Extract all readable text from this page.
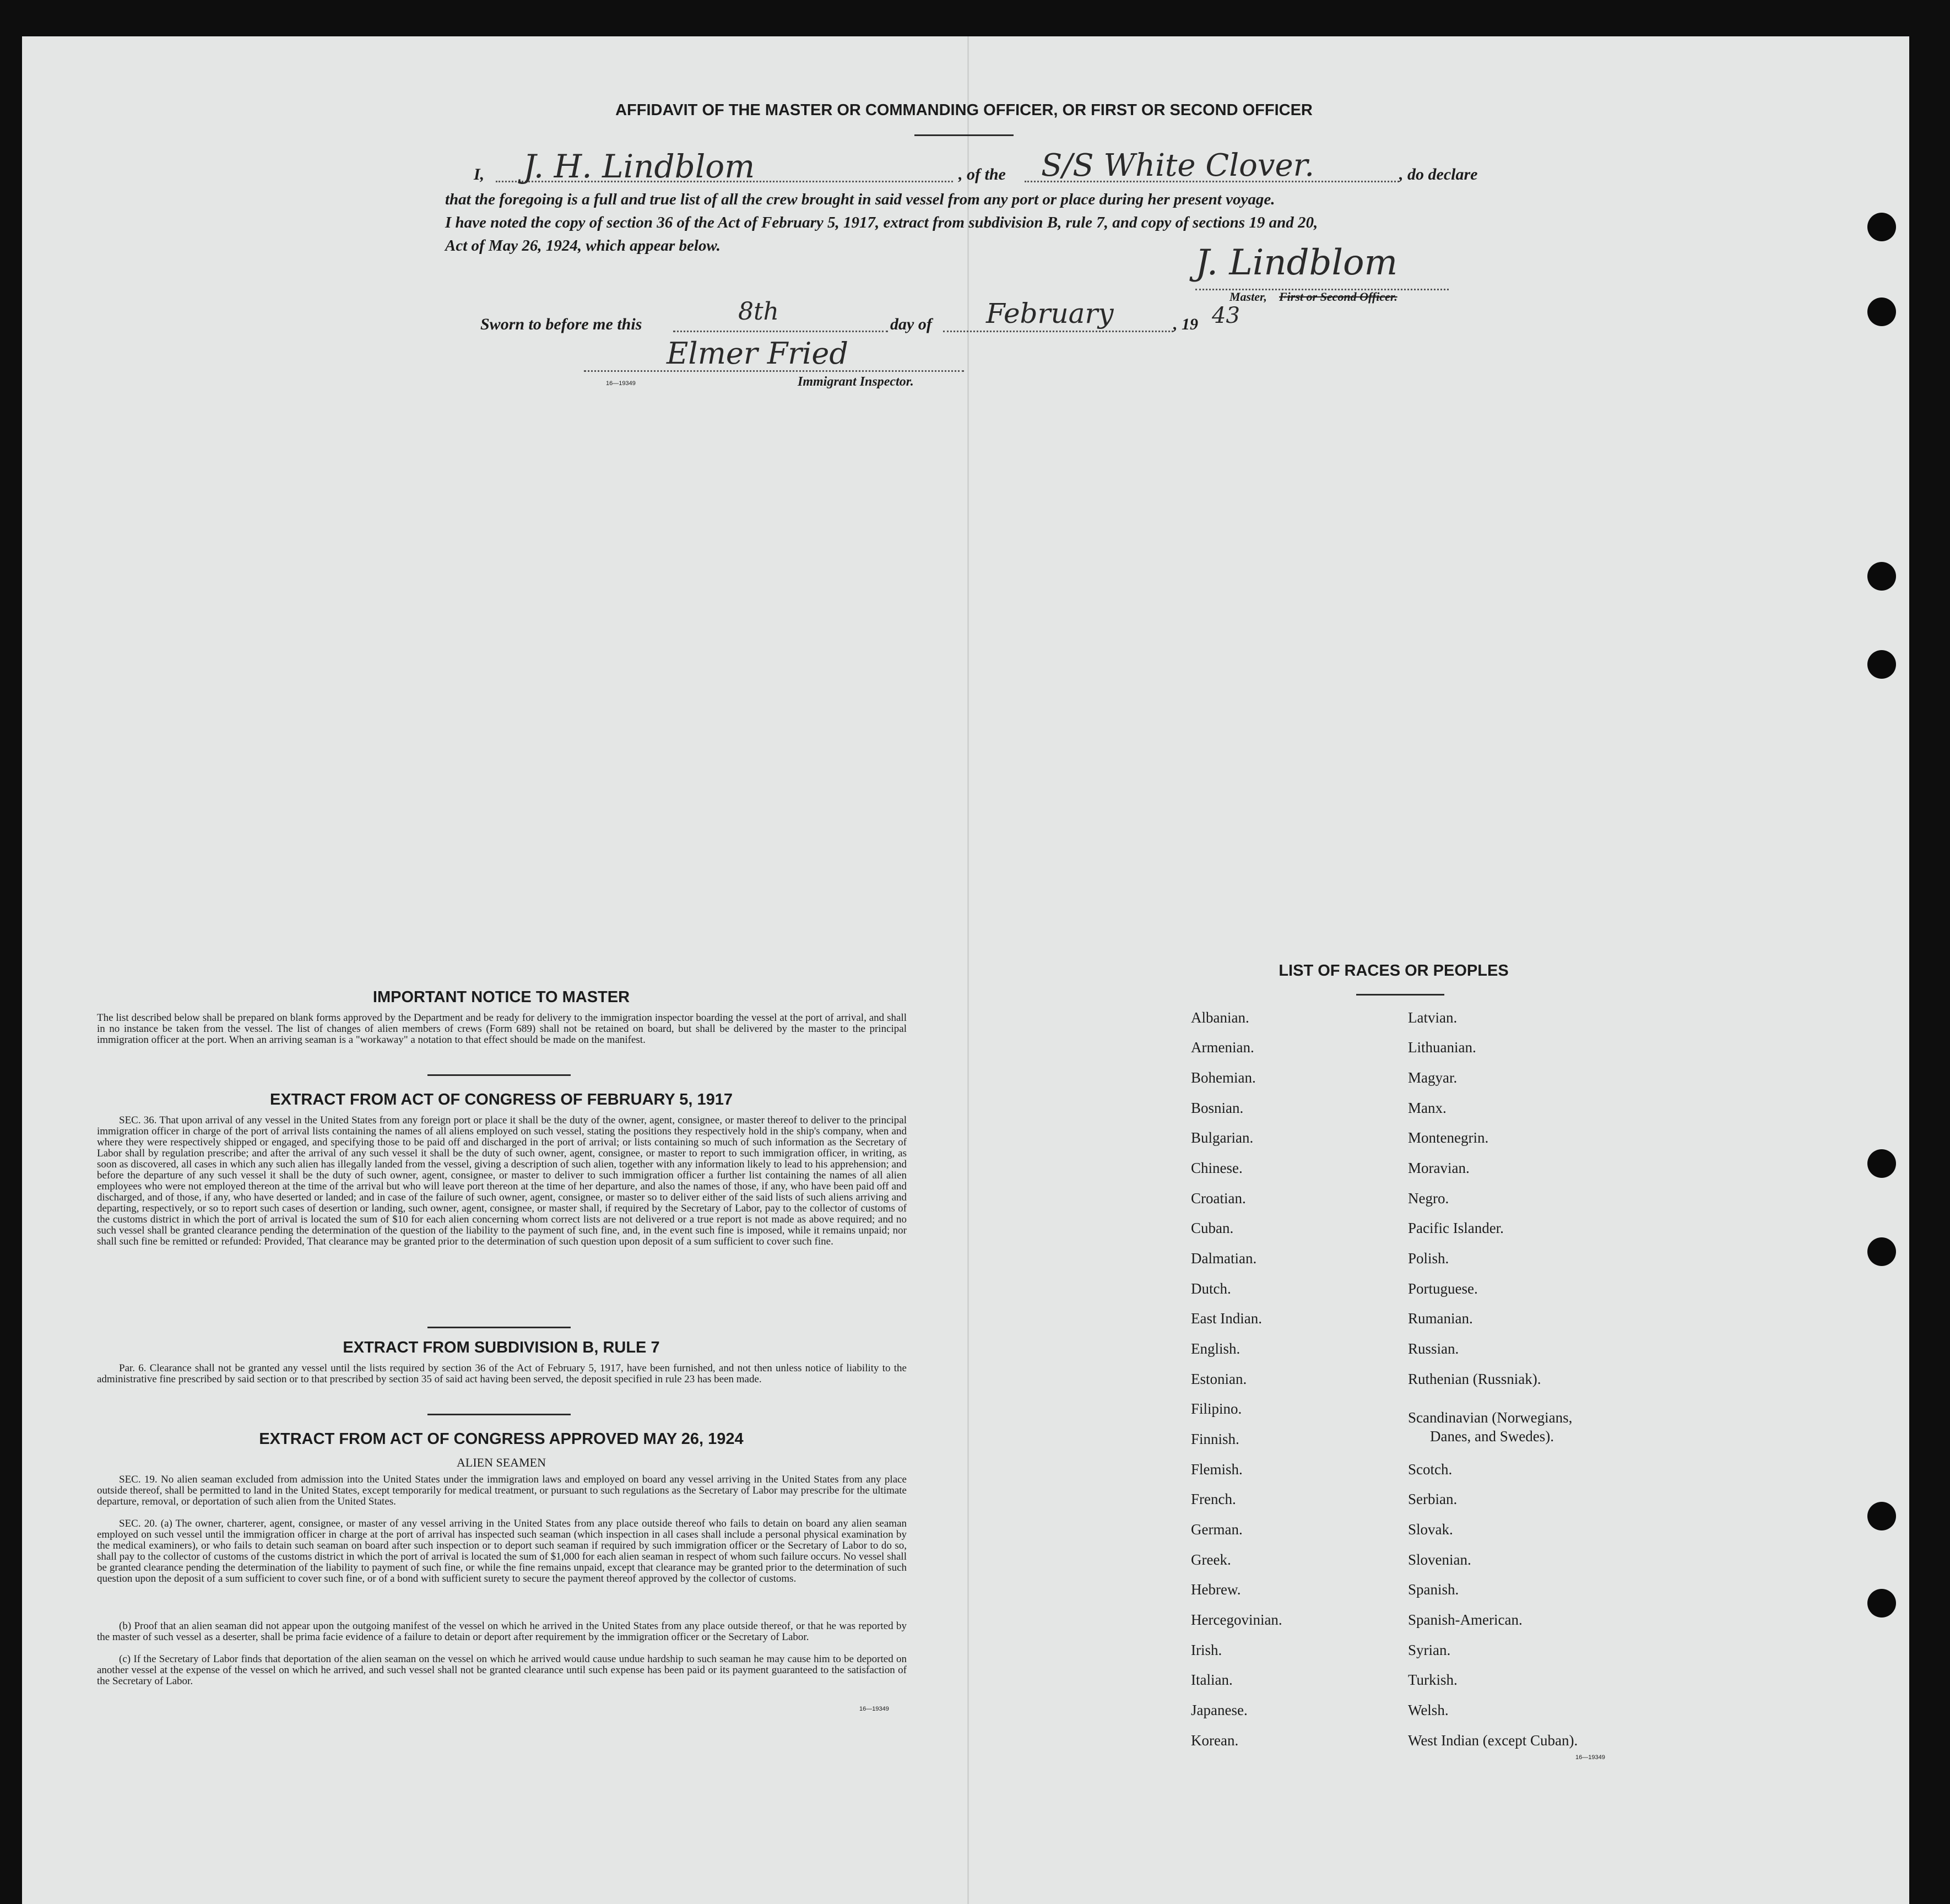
AFFIDAVIT OF THE MASTER OR COMMANDING OFFICER, OR FIRST OR SECOND OFFICER
I, J. H. Lindblom	, of the S/S White Clover.	, do declare
that the foregoing is a full and true list of all the crew brought in said vessel from any port or place during her present voyage.
I have noted the copy of section 36 of the Act of February 5, 1917, extract from subdivision B, rule 7, and copy of sections 19 and 20,
Act of May 26, 1924, which appear below.	J. Lindblom
Master, First or Second Officer.
Sworn to before me this	8th	day of February	, 19 43
Elmer Fried
16—19349	Immigrant Inspector.
IMPORTANT NOTICE TO MASTER
The list described below shall be prepared on blank forms approved by the Department and be ready for delivery to the immigration inspector boarding the vessel at the port of arrival, and shall in no instance be taken from the vessel. The list of changes of alien members of crews (Form 689) shall not be retained on board, but shall be delivered by the master to the principal immigration officer at the port. When an arriving seaman is a "workaway" a notation to that effect should be made on the manifest.
EXTRACT FROM ACT OF CONGRESS OF FEBRUARY 5, 1917
SEC. 36. That upon arrival of any vessel in the United States from any foreign port or place it shall be the duty of the owner, agent, consignee, or master thereof to deliver to the principal immigration officer in charge of the port of arrival lists containing the names of all aliens employed on such vessel, stating the positions they respectively hold in the ship's company, when and where they were respectively shipped or engaged, and specifying those to be paid off and discharged in the port of arrival; or lists containing so much of such information as the Secretary of Labor shall by regulation prescribe; and after the arrival of any such vessel it shall be the duty of such owner, agent, consignee, or master to report to such immigration officer, in writing, as soon as discovered, all cases in which any such alien has illegally landed from the vessel, giving a description of such alien, together with any information likely to lead to his apprehension; and before the departure of any such vessel it shall be the duty of such owner, agent, consignee, or master to deliver to such immigration officer a further list containing the names of all alien employees who were not employed thereon at the time of the arrival but who will leave port thereon at the time of her departure, and also the names of those, if any, who have been paid off and discharged, and of those, if any, who have deserted or landed; and in case of the failure of such owner, agent, consignee, or master so to deliver either of the said lists of such aliens arriving and departing, respectively, or so to report such cases of desertion or landing, such owner, agent, consignee, or master shall, if required by the Secretary of Labor, pay to the collector of customs of the customs district in which the port of arrival is located the sum of $10 for each alien concerning whom correct lists are not delivered or a true report is not made as above required; and no such vessel shall be granted clearance pending the determination of the question of the liability to the payment of such fine, and, in the event such fine is imposed, while it remains unpaid; nor shall such fine be remitted or refunded: Provided, That clearance may be granted prior to the determination of such question upon deposit of a sum sufficient to cover such fine.
EXTRACT FROM SUBDIVISION B, RULE 7
Par. 6. Clearance shall not be granted any vessel until the lists required by section 36 of the Act of February 5, 1917, have been furnished, and not then unless notice of liability to the administrative fine prescribed by said section or to that prescribed by section 35 of said act having been served, the deposit specified in rule 23 has been made.
EXTRACT FROM ACT OF CONGRESS APPROVED MAY 26, 1924
ALIEN SEAMEN
SEC. 19. No alien seaman excluded from admission into the United States under the immigration laws and employed on board any vessel arriving in the United States from any place outside thereof, shall be permitted to land in the United States, except temporarily for medical treatment, or pursuant to such regulations as the Secretary of Labor may prescribe for the ultimate departure, removal, or deportation of such alien from the United States.
SEC. 20. (a) The owner, charterer, agent, consignee, or master of any vessel arriving in the United States from any place outside thereof who fails to detain on board any alien seaman employed on such vessel until the immigration officer in charge at the port of arrival has inspected such seaman (which inspection in all cases shall include a personal physical examination by the medical examiners), or who fails to detain such seaman on board after such inspection or to deport such seaman if required by such immigration officer or the Secretary of Labor to do so, shall pay to the collector of customs of the customs district in which the port of arrival is located the sum of $1,000 for each alien seaman in respect of whom such failure occurs. No vessel shall be granted clearance pending the determination of the liability to payment of such fine, or while the fine remains unpaid, except that clearance may be granted prior to the determination of such question upon the deposit of a sum sufficient to cover such fine, or of a bond with sufficient surety to secure the payment thereof approved by the collector of customs.
(b) Proof that an alien seaman did not appear upon the outgoing manifest of the vessel on which he arrived in the United States from any place outside thereof, or that he was reported by the master of such vessel as a deserter, shall be prima facie evidence of a failure to detain or deport after requirement by the immigration officer or the Secretary of Labor.
(c) If the Secretary of Labor finds that deportation of the alien seaman on the vessel on which he arrived would cause undue hardship to such seaman he may cause him to be deported on another vessel at the expense of the vessel on which he arrived, and such vessel shall not be granted clearance until such expense has been paid or its payment guaranteed to the satisfaction of the Secretary of Labor.
16—19349
LIST OF RACES OR PEOPLES
Albanian.
Armenian.
Bohemian.
Bosnian.
Bulgarian.
Chinese.
Croatian.
Cuban.
Dalmatian.
Dutch.
East Indian.
English.
Estonian.
Filipino.
Finnish.
Flemish.
French.
German.
Greek.
Hebrew.
Hercegovinian.
Irish.
Italian.
Japanese.
Korean.
Latvian.
Lithuanian.
Magyar.
Manx.
Montenegrin.
Moravian.
Negro.
Pacific Islander.
Polish.
Portuguese.
Rumanian.
Russian.
Ruthenian (Russniak).
Scandinavian (Norwegians,
Danes, and Swedes).
Scotch.
Serbian.
Slovak.
Slovenian.
Spanish.
Spanish-American.
Syrian.
Turkish.
Welsh.
West Indian (except Cuban).
16—19349
